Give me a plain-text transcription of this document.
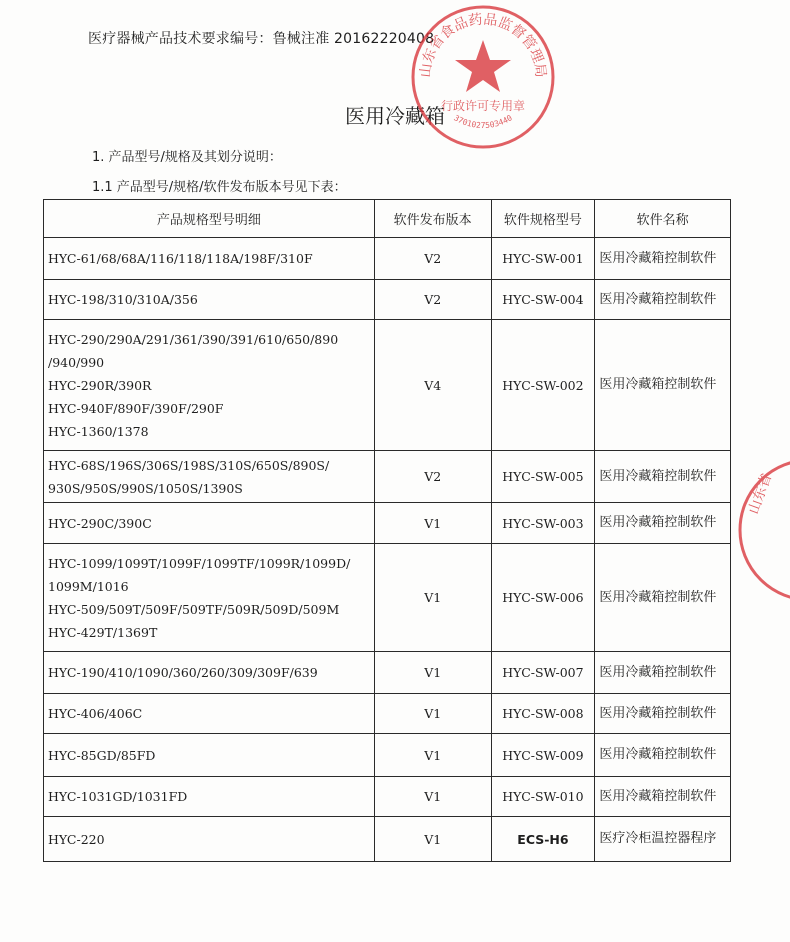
医疗器械产品技术要求编号：鲁械注准 20162220408
医用冷藏箱
1. 产品型号/规格及其划分说明：
1.1 产品型号/规格/软件发布版本号见下表：
产品规格型号明细	软件发布版本	软件规格型号	软件名称

HYC-61/68/68A/116/118/118A/198F/310F	V2	HYC-SW-001	医用冷藏箱控制软件

HYC-198/310/310A/356	V2	HYC-SW-004	医用冷藏箱控制软件

HYC-290/290A/291/361/390/391/610/650/890
/940/990
HYC-290R/390R
HYC-940F/890F/390F/290F
HYC-1360/1378	V4	HYC-SW-002	医用冷藏箱控制软件

HYC-68S/196S/306S/198S/310S/650S/890S/
930S/950S/990S/1050S/1390S	V2	HYC-SW-005	医用冷藏箱控制软件

HYC-290C/390C	V1	HYC-SW-003	医用冷藏箱控制软件

HYC-1099/1099T/1099F/1099TF/1099R/1099D/
1099M/1016
HYC-509/509T/509F/509TF/509R/509D/509M
HYC-429T/1369T	V1	HYC-SW-006	医用冷藏箱控制软件

HYC-190/410/1090/360/260/309/309F/639	V1	HYC-SW-007	医用冷藏箱控制软件

HYC-406/406C	V1	HYC-SW-008	医用冷藏箱控制软件

HYC-85GD/85FD	V1	HYC-SW-009	医用冷藏箱控制软件

HYC-1031GD/1031FD	V1	HYC-SW-010	医用冷藏箱控制软件

HYC-220	V1	ECS-H6	医疗冷柜温控器程序
山东省食品药品监督管理局
行政许可专用章
3701027503440
山东省
